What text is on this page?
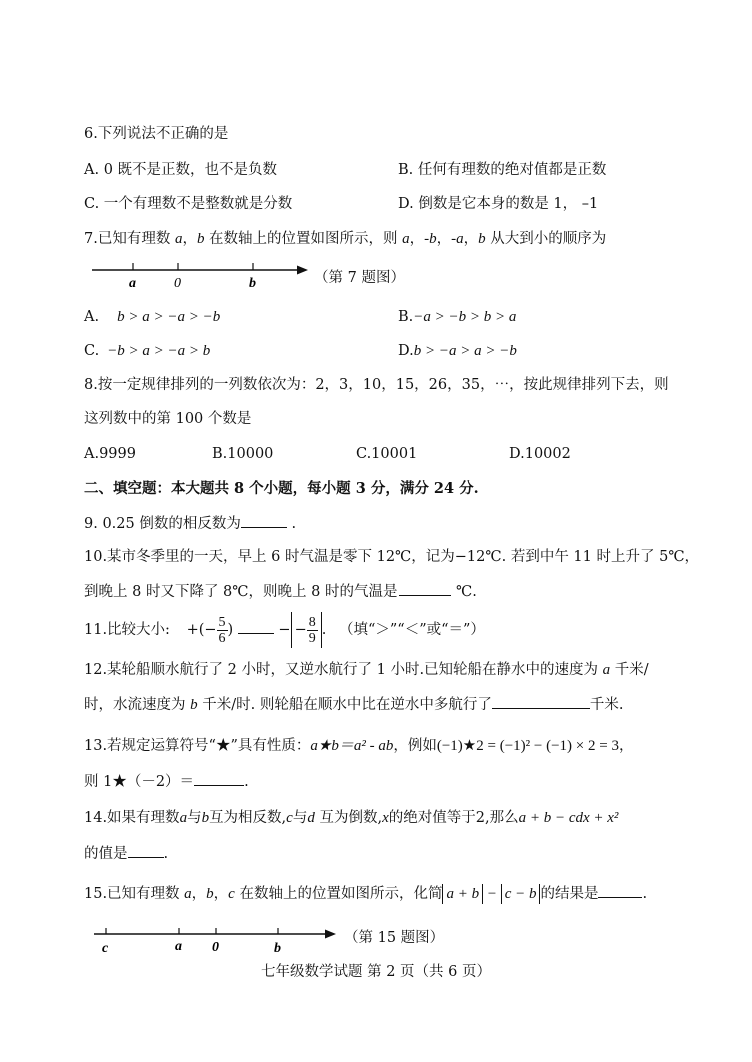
6.下列说法不正确的是
A. 0 既不是正数，也不是负数	B. 任何有理数的绝对值都是正数
C. 一个有理数不是整数就是分数	D. 倒数是它本身的数是 1， –1
7.已知有理数 a，b 在数轴上的位置如图所示，则 a，-b，-a，b 从大到小的顺序为
a	0	b	（第 7 题图）
A. b > a > −a > −b	B.−a > −b > b > a
C. −b > a > −a > b	D.b > −a > a > −b
8.按一定规律排列的一列数依次为：2，3，10，15，26，35，⋯，按此规律排列下去，则
这列数中的第 100 个数是
A.9999	B.10000	C.10001	D.10002
二、填空题：本大题共 8 个小题，每小题 3 分，满分 24 分.
9. 0.25 倒数的相反数为	.
10.某市冬季里的一天，早上 6 时气温是零下 12℃，记为−12℃. 若到中午 11 时上升了 5℃，
到晚上 8 时又下降了 8℃，则晚上 8 时的气温是	℃.
11.比较大小: +(− $\frac{5}{6}$ )	− − $\frac{8}{9}$ . （填“＞”“＜”或“＝”）
12.某轮船顺水航行了 2 小时，又逆水航行了 1 小时.已知轮船在静水中的速度为 a 千米/
时，水流速度为 b 千米/时. 则轮船在顺水中比在逆水中多航行了	千米.
13.若规定运算符号“★”具有性质：a★b＝a² - ab，例如(−1)★2 = (−1)² − (−1) × 2 = 3，
则 1★（－2）＝	.
14.如果有理数a与b互为相反数,c与d 互为倒数,x的绝对值等于2,那么a + b − cdx + x²
的值是 .
15.已知有理数 a，b，c 在数轴上的位置如图所示，化简 a + b − c − b 的结果是	.
c	a 0	b
（第 15 题图）
七年级数学试题 第 2 页（共 6 页）
